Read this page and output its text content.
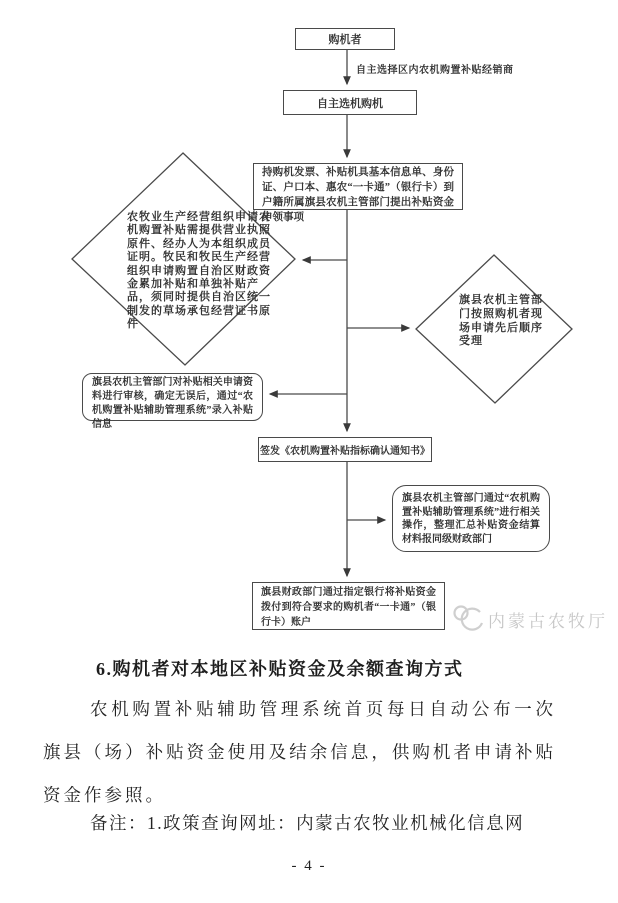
购机者
自主选择区内农机购置补贴经销商
自主选机购机
持购机发票、补贴机具基本信息单、身份证、户口本、惠农“一卡通”（银行卡）到户籍所属旗县农机主管部门提出补贴资金申领事项
农牧业生产经营组织申请农机购置补贴需提供营业执照原件、经办人为本组织成员证明。牧民和牧民生产经营组织申请购置自治区财政资金累加补贴和单独补贴产品，须同时提供自治区统一制发的草场承包经营证书原件
旗县农机主管部门按照购机者现场申请先后顺序受理
旗县农机主管部门对补贴相关申请资料进行审核，确定无误后，通过“农机购置补贴辅助管理系统”录入补贴信息
签发《农机购置补贴指标确认通知书》
旗县农机主管部门通过“农机购置补贴辅助管理系统”进行相关操作，整理汇总补贴资金结算材料报同级财政部门
旗县财政部门通过指定银行将补贴资金拨付到符合要求的购机者“一卡通”（银行卡）账户	内蒙古农牧厅
6.购机者对本地区补贴资金及余额查询方式
农机购置补贴辅助管理系统首页每日自动公布一次旗县（场）补贴资金使用及结余信息，供购机者申请补贴资金作参照。
备注：1.政策查询网址：内蒙古农牧业机械化信息网
- 4 -
